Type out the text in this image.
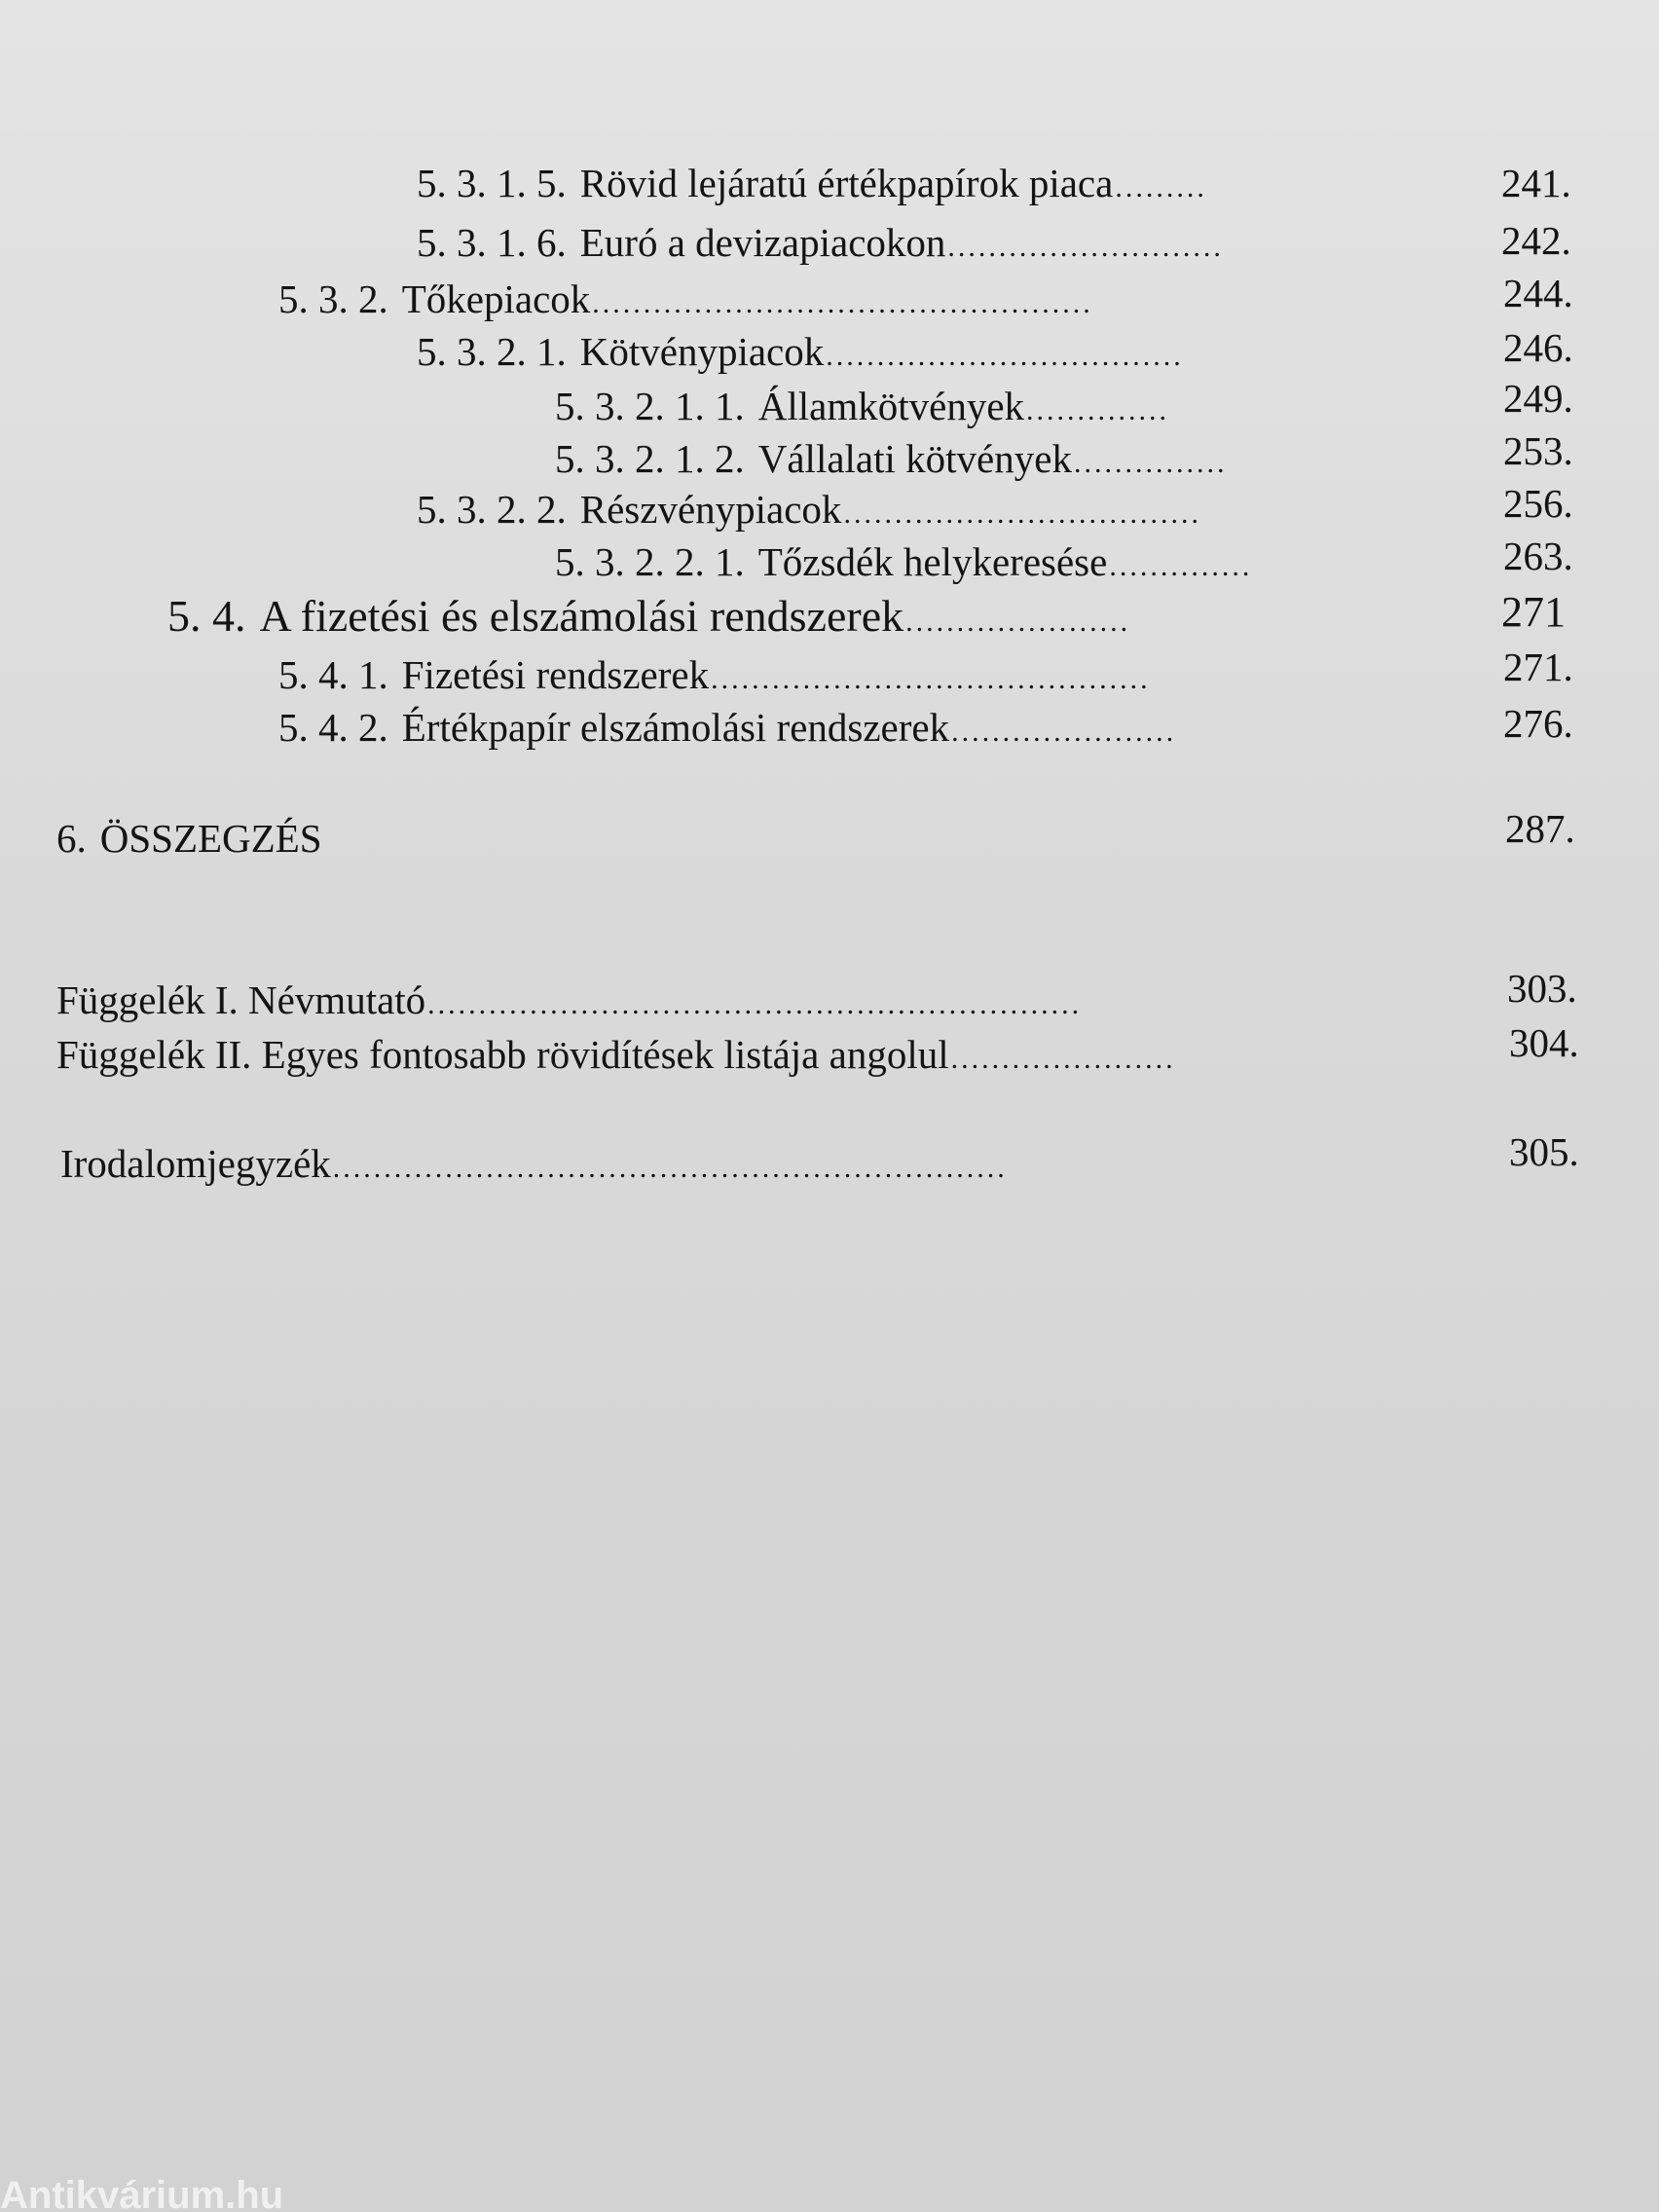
5. 3. 1. 5. Rövid lejáratú értékpapírok piaca .........	241.
5. 3. 1. 6. Euró a devizapiacokon ...........................	242.
5. 3. 2. Tőkepiacok .................................................	244.
5. 3. 2. 1. Kötvénypiacok ...................................	246.
5. 3. 2. 1. 1. Államkötvények ..............	249.
5. 3. 2. 1. 2. Vállalati kötvények ...............	253.
5. 3. 2. 2. Részvénypiacok ...................................	256.
5. 3. 2. 2. 1. Tőzsdék helykeresése ..............	263.
5. 4. A fizetési és elszámolási rendszerek ......................	271
5. 4. 1. Fizetési rendszerek ...........................................	271.
5. 4. 2. Értékpapír elszámolási rendszerek ......................	276.
6. ÖSSZEGZÉS	287.
Függelék I. Névmutató ................................................................	303.
Függelék II. Egyes fontosabb rövidítések listája angolul ......................	304.
Irodalomjegyzék ..................................................................	305.
Antikvárium.hu
